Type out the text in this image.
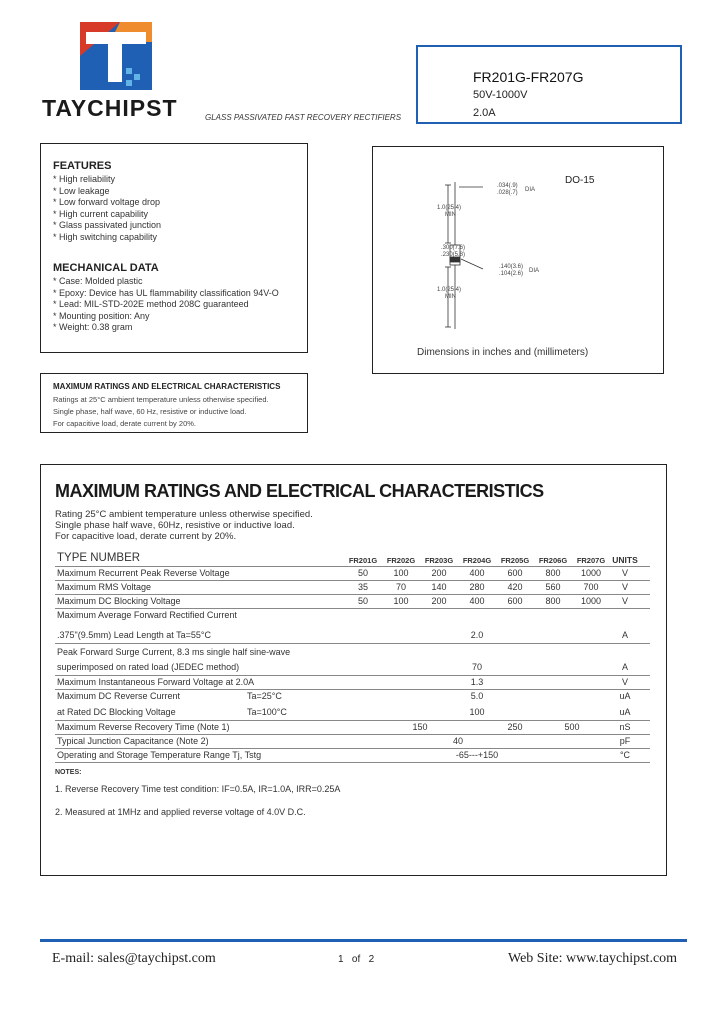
TAYCHIPST	GLASS PASSIVATED FAST RECOVERY RECTIFIERS
FR201G-FR207G
50V-1000V
2.0A
FEATURES
* High reliability
* Low leakage
* Low forward voltage drop
* High current capability
* Glass passivated junction
* High switching capability
MECHANICAL DATA
* Case: Molded plastic
* Epoxy: Device has UL flammability classification 94V-O
* Lead: MIL-STD-202E method 208C guaranteed
* Mounting position: Any
* Weight: 0.38 gram
DO-15
1.0(25.4)
MIN
.034(.9)
.028(.7) DIA
.300(7.6)
.230(5.8)
.140(3.6)
.104(2.6) DIA
1.0(25.4)
MIN
Dimensions in inches and (millimeters)
MAXIMUM RATINGS AND ELECTRICAL CHARACTERISTICS
Ratings at 25°C ambient temperature unless otherwise specified.
Single phase, half wave, 60 Hz, resistive or inductive load.
For capacitive load, derate current by 20%.
MAXIMUM RATINGS AND ELECTRICAL CHARACTERISTICS
Rating 25°C ambient temperature unless otherwise specified.
Single phase half wave, 60Hz, resistive or inductive load.
For capacitive load, derate current by 20%.
TYPE NUMBER	FR201G	FR202G	FR203G	FR204G	FR205G	FR206G	FR207G UNITS
Maximum Recurrent Peak Reverse Voltage	50	100	200	400	600	800	1000	V
Maximum RMS Voltage	35	70	140	280	420	560	700	V
Maximum DC Blocking Voltage	50	100	200	400	600	800	1000	V
Maximum Average Forward Rectified Current
.375"(9.5mm) Lead Length at Ta=55°C	2.0	A
Peak Forward Surge Current, 8.3 ms single half sine-wave
superimposed on rated load (JEDEC method)	70	A
Maximum Instantaneous Forward Voltage at 2.0A	1.3	V
Maximum DC Reverse Current	Ta=25°C	5.0	uA
at Rated DC Blocking Voltage	Ta=100°C	100	uA
Maximum Reverse Recovery Time (Note 1)	150	250	500	nS
Typical Junction Capacitance (Note 2)	40	pF
Operating and Storage Temperature Range Tj, Tstg	-65---+150	°C
NOTES:
1. Reverse Recovery Time test condition: IF=0.5A, IR=1.0A, IRR=0.25A
2. Measured at 1MHz and applied reverse voltage of 4.0V D.C.
E-mail: sales@taychipst.com	1   of   2	Web Site: www.taychipst.com
